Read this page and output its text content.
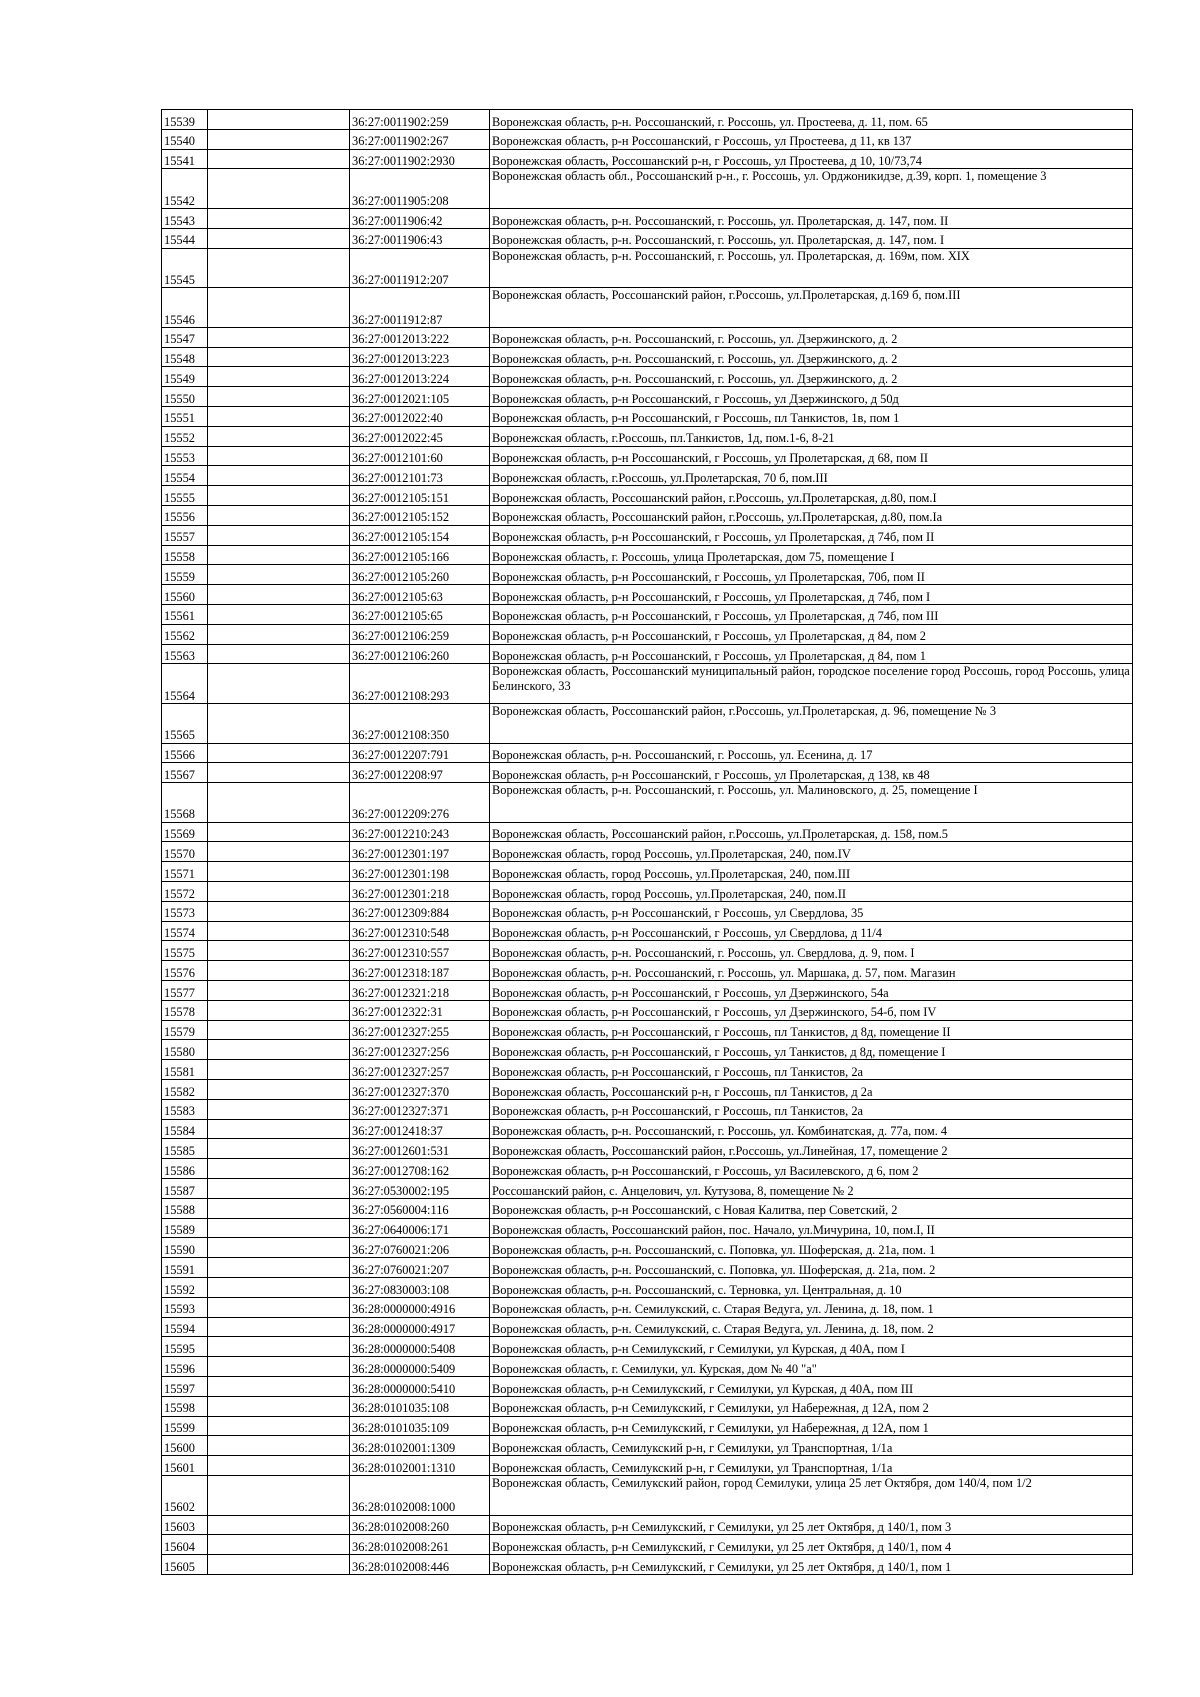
15539		36:27:0011902:259	Воронежская область, р-н. Россошанский, г. Россошь, ул. Простеева, д. 11, пом. 65
15540		36:27:0011902:267	Воронежская область, р-н Россошанский, г Россошь, ул Простеева, д 11, кв 137
15541		36:27:0011902:2930	Воронежская область, Россошанский р-н, г Россошь, ул Простеева, д 10, 10/73,74
15542		36:27:0011905:208	Воронежская область обл., Россошанский р-н., г. Россошь, ул. Орджоникидзе, д.39, корп. 1, помещение 3
15543		36:27:0011906:42	Воронежская область, р-н. Россошанский, г. Россошь, ул. Пролетарская, д. 147, пом. II
15544		36:27:0011906:43	Воронежская область, р-н. Россошанский, г. Россошь, ул. Пролетарская, д. 147, пом. I
15545		36:27:0011912:207	Воронежская область, р-н. Россошанский, г. Россошь, ул. Пролетарская, д. 169м, пом. XIX
15546		36:27:0011912:87	Воронежская область, Россошанский район, г.Россошь, ул.Пролетарская, д.169 б, пом.III
15547		36:27:0012013:222	Воронежская область, р-н. Россошанский, г. Россошь, ул. Дзержинского, д. 2
15548		36:27:0012013:223	Воронежская область, р-н. Россошанский, г. Россошь, ул. Дзержинского, д. 2
15549		36:27:0012013:224	Воронежская область, р-н. Россошанский, г. Россошь, ул. Дзержинского, д. 2
15550		36:27:0012021:105	Воронежская область, р-н Россошанский, г Россошь, ул Дзержинского, д 50д
15551		36:27:0012022:40	Воронежская область, р-н Россошанский, г Россошь, пл Танкистов, 1в, пом 1
15552		36:27:0012022:45	Воронежская область, г.Россошь, пл.Танкистов, 1д, пом.1-6, 8-21
15553		36:27:0012101:60	Воронежская область, р-н Россошанский, г Россошь, ул Пролетарская, д 68, пом II
15554		36:27:0012101:73	Воронежская область, г.Россошь, ул.Пролетарская, 70 б, пом.III
15555		36:27:0012105:151	Воронежская область, Россошанский район, г.Россошь, ул.Пролетарская, д.80, пом.I
15556		36:27:0012105:152	Воронежская область, Россошанский район, г.Россошь, ул.Пролетарская, д.80, пом.Iа
15557		36:27:0012105:154	Воронежская область, р-н Россошанский, г Россошь, ул Пролетарская, д 74б, пом II
15558		36:27:0012105:166	Воронежская область, г. Россошь, улица Пролетарская, дом 75, помещение I
15559		36:27:0012105:260	Воронежская область, р-н Россошанский, г Россошь, ул Пролетарская, 70б, пом II
15560		36:27:0012105:63	Воронежская область, р-н Россошанский, г Россошь, ул Пролетарская, д 74б, пом I
15561		36:27:0012105:65	Воронежская область, р-н Россошанский, г Россошь, ул Пролетарская, д 74б, пом III
15562		36:27:0012106:259	Воронежская область, р-н Россошанский, г Россошь, ул Пролетарская, д 84, пом 2
15563		36:27:0012106:260	Воронежская область, р-н Россошанский, г Россошь, ул Пролетарская, д 84, пом 1
15564		36:27:0012108:293	Воронежская область, Россошанский муниципальный район, городское поселение город Россошь, город Россошь, улица Белинского, 33
15565		36:27:0012108:350	Воронежская область, Россошанский район, г.Россошь, ул.Пролетарская, д. 96, помещение № 3
15566		36:27:0012207:791	Воронежская область, р-н. Россошанский, г. Россошь, ул. Есенина, д. 17
15567		36:27:0012208:97	Воронежская область, р-н Россошанский, г Россошь, ул Пролетарская, д 138, кв 48
15568		36:27:0012209:276	Воронежская область, р-н. Россошанский, г. Россошь, ул. Малиновского, д. 25, помещение I
15569		36:27:0012210:243	Воронежская область, Россошанский район, г.Россошь, ул.Пролетарская, д. 158, пом.5
15570		36:27:0012301:197	Воронежская область, город Россошь, ул.Пролетарская, 240, пом.IV
15571		36:27:0012301:198	Воронежская область, город Россошь, ул.Пролетарская, 240, пом.III
15572		36:27:0012301:218	Воронежская область, город Россошь, ул.Пролетарская, 240, пом.II
15573		36:27:0012309:884	Воронежская область, р-н Россошанский, г Россошь, ул Свердлова, 35
15574		36:27:0012310:548	Воронежская область, р-н Россошанский, г Россошь, ул Свердлова, д 11/4
15575		36:27:0012310:557	Воронежская область, р-н. Россошанский, г. Россошь, ул. Свердлова, д. 9, пом. I
15576		36:27:0012318:187	Воронежская область, р-н. Россошанский, г. Россошь, ул. Маршака, д. 57, пом. Магазин
15577		36:27:0012321:218	Воронежская область, р-н Россошанский, г Россошь, ул Дзержинского, 54а
15578		36:27:0012322:31	Воронежская область, р-н Россошанский, г Россошь, ул Дзержинского, 54-б, пом IV
15579		36:27:0012327:255	Воронежская область, р-н Россошанский, г Россошь, пл Танкистов, д 8д, помещение II
15580		36:27:0012327:256	Воронежская область, р-н Россошанский, г Россошь, ул Танкистов, д 8д, помещение I
15581		36:27:0012327:257	Воронежская область, р-н Россошанский, г Россошь, пл Танкистов, 2а
15582		36:27:0012327:370	Воронежская область, Россошанский р-н, г Россошь, пл Танкистов, д 2а
15583		36:27:0012327:371	Воронежская область, р-н Россошанский, г Россошь, пл Танкистов, 2а
15584		36:27:0012418:37	Воронежская область, р-н. Россошанский, г. Россошь, ул. Комбинатская, д. 77а, пом. 4
15585		36:27:0012601:531	Воронежская область, Россошанский район, г.Россошь, ул.Линейная, 17, помещение 2
15586		36:27:0012708:162	Воронежская область, р-н Россошанский, г Россошь, ул Василевского, д 6, пом 2
15587		36:27:0530002:195	Россошанский район, с. Анцелович, ул. Кутузова, 8, помещение № 2
15588		36:27:0560004:116	Воронежская область, р-н Россошанский, с Новая Калитва, пер Советский, 2
15589		36:27:0640006:171	Воронежская область, Россошанский район, пос. Начало, ул.Мичурина, 10, пом.I, II
15590		36:27:0760021:206	Воронежская область, р-н. Россошанский, с. Поповка, ул. Шоферская, д. 21а, пом. 1
15591		36:27:0760021:207	Воронежская область, р-н. Россошанский, с. Поповка, ул. Шоферская, д. 21а, пом. 2
15592		36:27:0830003:108	Воронежская область, р-н. Россошанский, с. Терновка, ул. Центральная, д. 10
15593		36:28:0000000:4916	Воронежская область, р-н. Семилукский, с. Старая Ведуга, ул. Ленина, д. 18, пом. 1
15594		36:28:0000000:4917	Воронежская область, р-н. Семилукский, с. Старая Ведуга, ул. Ленина, д. 18, пом. 2
15595		36:28:0000000:5408	Воронежская область, р-н Семилукский, г Семилуки, ул Курская, д 40А, пом I
15596		36:28:0000000:5409	Воронежская область, г. Семилуки, ул. Курская, дом № 40 "а"
15597		36:28:0000000:5410	Воронежская область, р-н Семилукский, г Семилуки, ул Курская, д 40А, пом III
15598		36:28:0101035:108	Воронежская область, р-н Семилукский, г Семилуки, ул Набережная, д 12А, пом 2
15599		36:28:0101035:109	Воронежская область, р-н Семилукский, г Семилуки, ул Набережная, д 12А, пом 1
15600		36:28:0102001:1309	Воронежская область, Семилукский р-н, г Семилуки, ул Транспортная, 1/1а
15601		36:28:0102001:1310	Воронежская область, Семилукский р-н, г Семилуки, ул Транспортная, 1/1а
15602		36:28:0102008:1000	Воронежская область, Семилукский район, город Семилуки, улица 25 лет Октября, дом 140/4, пом 1/2
15603		36:28:0102008:260	Воронежская область, р-н Семилукский, г Семилуки, ул 25 лет Октября, д 140/1, пом 3
15604		36:28:0102008:261	Воронежская область, р-н Семилукский, г Семилуки, ул 25 лет Октября, д 140/1, пом 4
15605		36:28:0102008:446	Воронежская область, р-н Семилукский, г Семилуки, ул 25 лет Октября, д 140/1, пом 1
